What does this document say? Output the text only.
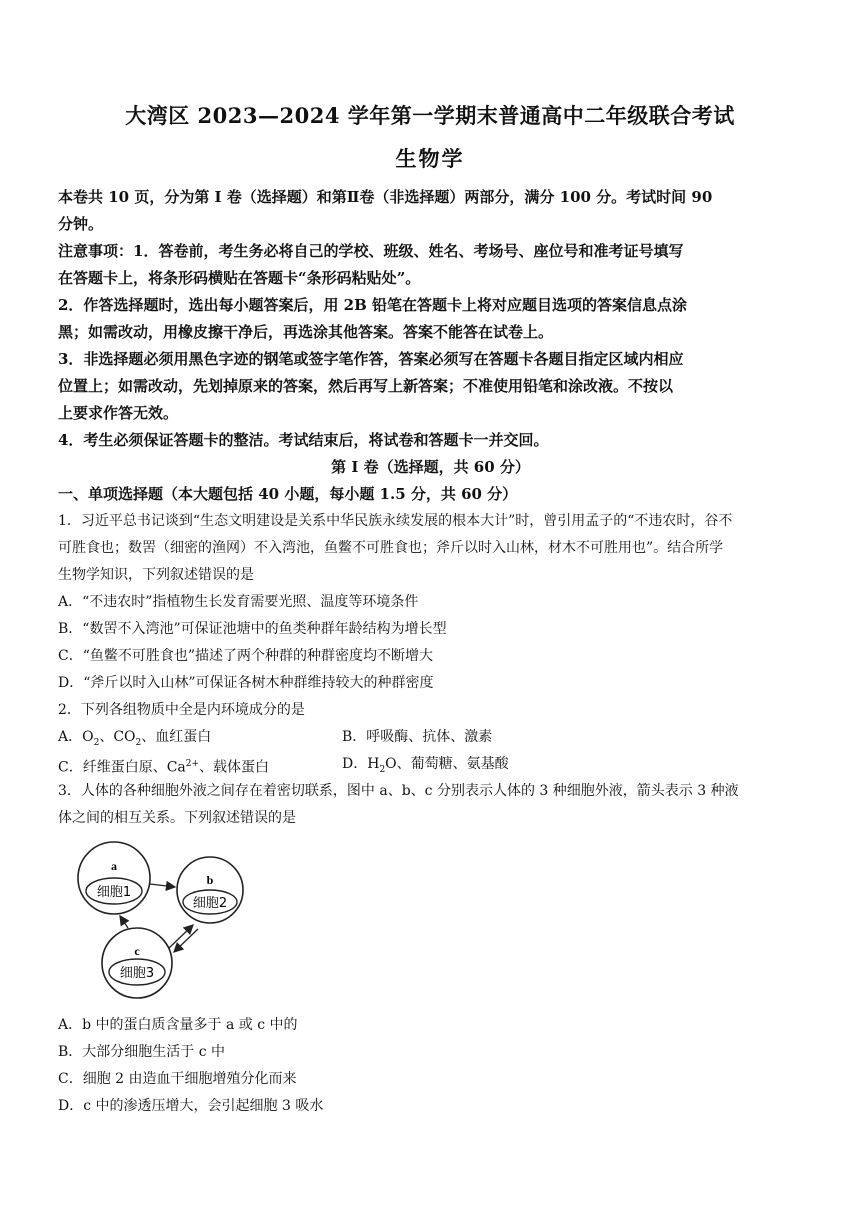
大湾区 2023—2024 学年第一学期末普通高中二年级联合考试
生物学
本卷共 10 页，分为第 I 卷（选择题）和第Ⅱ卷（非选择题）两部分，满分 100 分。考试时间 90
分钟。
注意事项：1．答卷前，考生务必将自己的学校、班级、姓名、考场号、座位号和准考证号填写
在答题卡上，将条形码横贴在答题卡“条形码粘贴处”。
2．作答选择题时，选出每小题答案后，用 2B 铅笔在答题卡上将对应题目选项的答案信息点涂
黑；如需改动，用橡皮擦干净后，再选涂其他答案。答案不能答在试卷上。
3．非选择题必须用黑色字迹的钢笔或签字笔作答，答案必须写在答题卡各题目指定区域内相应
位置上；如需改动，先划掉原来的答案，然后再写上新答案；不准使用铅笔和涂改液。不按以
上要求作答无效。
4．考生必须保证答题卡的整洁。考试结束后，将试卷和答题卡一并交回。
第 I 卷（选择题，共 60 分）
一、单项选择题（本大题包括 40 小题，每小题 1.5 分，共 60 分）
1．习近平总书记谈到“生态文明建设是关系中华民族永续发展的根本大计”时，曾引用孟子的“不违农时，谷不
可胜食也；数罟（细密的渔网）不入湾池，鱼鳖不可胜食也；斧斤以时入山林，材木不可胜用也”。结合所学
生物学知识，下列叙述错误的是
A．“不违农时”指植物生长发育需要光照、温度等环境条件
B．“数罟不入湾池”可保证池塘中的鱼类种群年龄结构为增长型
C．“鱼鳖不可胜食也”描述了两个种群的种群密度均不断增大
D．“斧斤以时入山林”可保证各树木种群维持较大的种群密度
2．下列各组物质中全是内环境成分的是
A．$O_2$、$CO_2$、血红蛋白	B．呼吸酶、抗体、激素
C．纤维蛋白原、$Ca^{2+}$、载体蛋白	D．$H_2O$、葡萄糖、氨基酸
3．人体的各种细胞外液之间存在着密切联系，图中 a、b、c 分别表示人体的 3 种细胞外液，箭头表示 3 种液
体之间的相互关系。下列叙述错误的是
a
细胞1
b
细胞2
c
细胞3
A．b 中的蛋白质含量多于 a 或 c 中的
B．大部分细胞生活于 c 中
C．细胞 2 由造血干细胞增殖分化而来
D．c 中的渗透压增大，会引起细胞 3 吸水
